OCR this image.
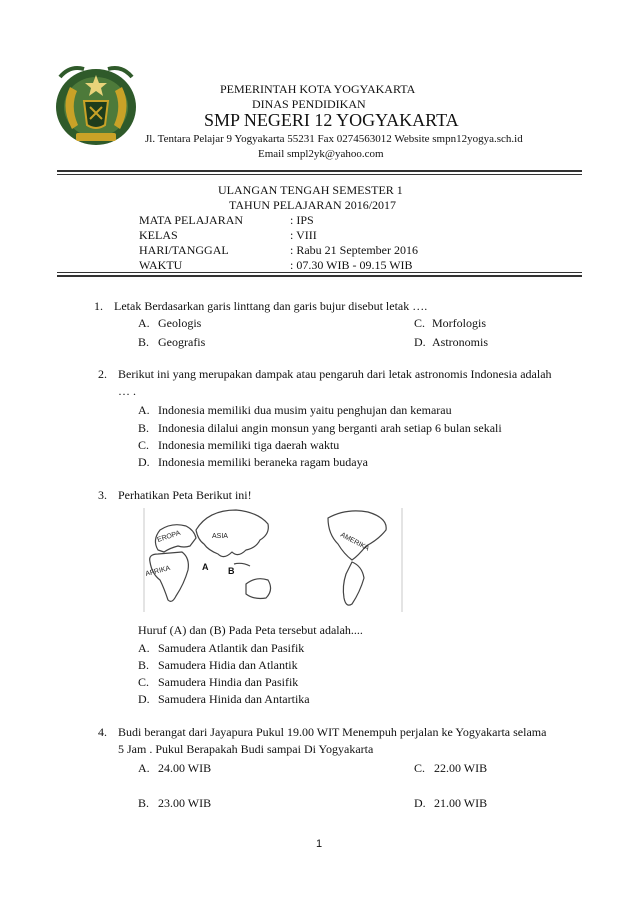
PEMERINTAH KOTA YOGYAKARTA
DINAS PENDIDIKAN
SMP NEGERI 12 YOGYAKARTA
Jl. Tentara Pelajar 9 Yogyakarta 55231 Fax 0274563012 Website smpn12yogya.sch.id
Email smpl2yk@yahoo.com
ULANGAN TENGAH SEMESTER 1
TAHUN PELAJARAN 2016/2017
MATA PELAJARAN	: IPS
KELAS	: VIII
HARI/TANGGAL	: Rabu 21 September 2016
WAKTU	: 07.30 WIB - 09.15 WIB
1. Letak Berdasarkan garis linttang dan garis bujur disebut letak ….
A. Geologis
B. Geografis
C. Morfologis
D. Astronomis
2. Berikut ini yang merupakan dampak atau pengaruh dari letak astronomis Indonesia adalah
… .
A. Indonesia memiliki dua musim yaitu penghujan dan kemarau
B. Indonesia dilalui angin monsun yang berganti arah setiap 6 bulan sekali
C. Indonesia memiliki tiga daerah waktu
D. Indonesia memiliki beraneka ragam budaya
3. Perhatikan Peta Berikut ini!
EROPA	ASIA	AMERIKA
AFRIKA	A B
Huruf (A) dan (B) Pada Peta tersebut adalah....
A. Samudera Atlantik dan Pasifik
B. Samudera Hidia dan Atlantik
C. Samudera Hindia dan Pasifik
D. Samudera Hinida dan Antartika
4. Budi berangat dari Jayapura Pukul 19.00 WIT Menempuh perjalan ke Yogyakarta selama
5 Jam . Pukul Berapakah Budi sampai Di Yogyakarta
A. 24.00 WIB
B. 23.00 WIB
C. 22.00 WIB
D. 21.00 WIB
1
